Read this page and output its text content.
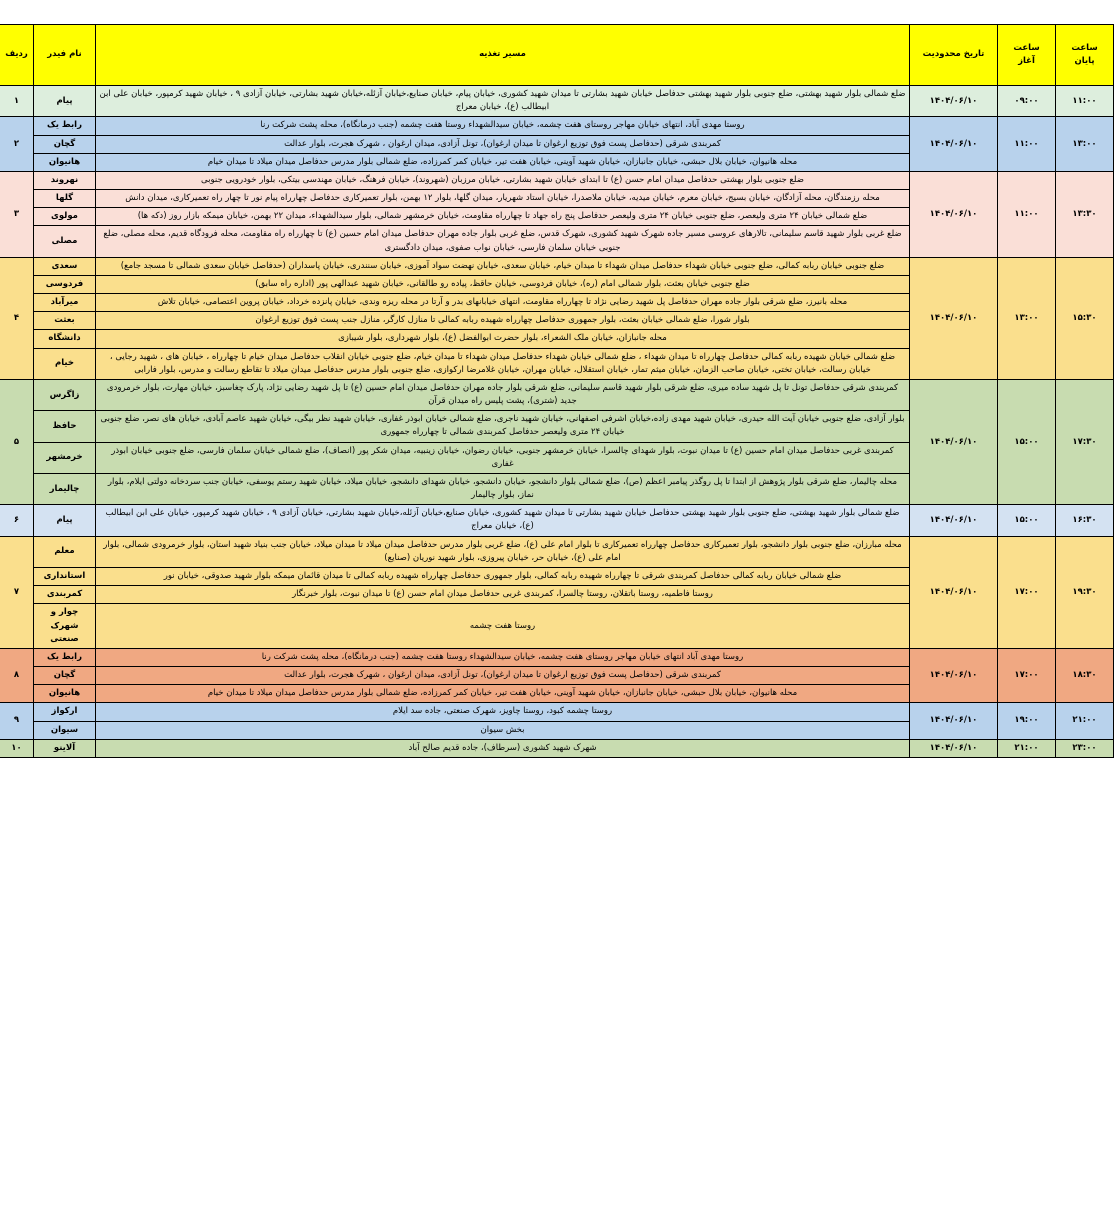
ساعت
پایان	ساعت
آغاز	تاریخ محدودیت	مسیر تغذیه	نام فیدر	ردیف
۱۱:۰۰	۰۹:۰۰	۱۴۰۴/۰۶/۱۰	ضلع شمالی بلوار شهید بهشتی، ضلع جنوبی بلوار شهید بهشتی حدفاصل خیابان شهید بشارتی تا میدان شهید کشوری، خیابان پیام، خیابان صنایع،خیابان آزئله،خیابان شهید بشارتی، خیابان آزادی ۹ ، خیابان شهید کرمپور، خیابان علی ابن ابیطالب (ع)، خیابان معراج	پیام	۱
۱۳:۰۰	۱۱:۰۰	۱۴۰۴/۰۶/۱۰	روستا مهدی آباد، انتهای خیابان مهاجر روستای هفت چشمه، خیابان سیدالشهداء روستا هفت چشمه (جنب درمانگاه)، محله پشت شرکت رنا	رابط یک	۲
			کمربندی شرقی (حدفاصل پست فوق توزیع ارغوان تا میدان ارغوان)، تونل آزادی، میدان ارغوان ، شهرک هجرت، بلوار عدالت	گچان	
			محله هانیوان، خیابان بلال حبشی، خیابان جانبازان، خیابان شهید آوینی، خیابان هفت تیر، خیابان کمر کمرزاده، ضلع شمالی بلوار مدرس حدفاصل میدان میلاد تا میدان خیام	هانیوان	
۱۳:۳۰	۱۱:۰۰	۱۴۰۴/۰۶/۱۰	ضلع جنوبی بلوار بهشتی حدفاصل میدان امام حسن (ع) تا ابتدای خیابان شهید بشارتی، خیابان مرزبان (شهروند)، خیابان فرهنگ، خیابان مهندسی بیتکی، بلوار خودرویی جنوبی	نهروند	۳
			محله رزمندگان، محله آزادگان، خیابان بسیج، خیابان معرم، خیابان میدیه، خیابان ملاصدرا، خیابان استاد شهریار، میدان گلها، بلوار ۱۲ بهمن، بلوار تعمیرکاری حدفاصل چهارراه پیام نور تا چهار راه تعمیرکاری، میدان دانش	گلها	
			ضلع شمالی خیابان ۲۴ متری ولیعصر، ضلع جنوبی خیابان ۲۴ متری ولیعصر حدفاصل پنج راه جهاد تا چهارراه مقاومت، خیابان خرمشهر شمالی، بلوار سیدالشهداء، میدان ۲۲ بهمن، خیابان میمکه بازار روز (دکه ها)	مولوی	
			ضلع غربی بلوار شهید قاسم سلیمانی، تالارهای عروسی مسیر جاده شهرک شهید کشوری، شهرک قدس، ضلع غربی بلوار جاده مهران حدفاصل میدان امام حسین (ع) تا چهارراه راه مقاومت، محله فرودگاه قدیم، محله مصلی، ضلع جنوبی خیابان سلمان فارسی، خیابان نواب صفوی، میدان دادگستری	مصلی	
۱۵:۳۰	۱۳:۰۰	۱۴۰۴/۰۶/۱۰	ضلع جنوبی خیابان ربابه کمالی، ضلع جنوبی خیابان شهداء حدفاصل میدان شهداء تا میدان خیام، خیابان سعدی، خیابان نهضت سواد آموزی، خیابان سنندری، خیابان پاسداران (حدفاصل خیابان سعدی شمالی تا مسجد جامع)	سعدی	۴
			ضلع جنوبی خیابان بعثت، بلوار شمالی امام (ره)، خیابان فردوسی، خیابان حاقظ، پیاده رو طالقانی، خیابان شهید عبدالهی پور (اداره راه سابق)	فردوسی	
			محله بانیرز، ضلع شرقی بلوار جاده مهران حدفاصل پل شهید رضایی نژاد تا چهارراه مقاومت، انتهای خیابانهای بدر و آرتا در محله ریزه وندی، خیابان پانزده خرداد، خیابان پروین اعتصامی، خیابان تلاش	میرآباد	
			بلوار شورا، ضلع شمالی خیابان بعثت، بلوار جمهوری حدفاصل چهارراه شهیده ربابه کمالی تا منازل کارگر، منازل جنب پست فوق توزیع ارغوان	بعثت	
			محله جانبازان، خیابان ملک الشعراء، بلوار حضرت ابوالفضل (ع)، بلوار شهرداری، بلوار شیبازی	دانشگاه	
			ضلع شمالی خیابان شهیده ربابه کمالی حدفاصل چهارراه تا میدان شهداء ، ضلع شمالی خیابان شهداء حدفاصل میدان شهداء تا میدان خیام، ضلع جنوبی خیابان انقلاب حدفاصل میدان خیام تا چهارراه ، خیابان های ، شهید رجایی ، خیابان رسالت، خیابان تختی، خیابان صاحب الزمان، خیابان میثم تمار، خیابان استقلال، خیابان مهران، خیابان غلامرضا ارکوازی، ضلع جنوبی بلوار مدرس حدفاصل میدان میلاد تا تقاطع رسالت و مدرس، بلوار فارابی	خیام	
۱۷:۳۰	۱۵:۰۰	۱۴۰۴/۰۶/۱۰	کمربندی شرقی حدفاصل تونل تا پل شهید ساده میری، ضلع شرقی بلوار شهید قاسم سلیمانی، ضلع شرقی بلوار جاده مهران حدفاصل میدان امام حسین (ع) تا پل شهید رضایی نژاد، پارک چغاسبز، خیابان مهارت، بلوار خرمرودی جدید (شتری)، پشت پلیس راه میدان قرآن	زاگرس	۵
			بلوار آزادی، ضلع جنوبی خیابان آیت الله حیدری، خیابان شهید مهدی زاده،خیابان اشرفی اصفهانی، خیابان شهید ناجری، ضلع شمالی خیابان ابوذر غفاری، خیابان شهید نظر بیگی، خیابان شهید عاصم آبادی، خیابان های نصر، ضلع جنوبی خیابان ۲۴ متری ولیعصر حدفاصل کمربندی شمالی تا چهارراه جمهوری	حافظ	
			کمربندی غربی حدفاصل میدان امام حسین (ع) تا میدان نبوت، بلوار شهدای چالسرا، خیابان خرمشهر جنوبی، خیابان رضوان، خیابان زینبیه، میدان شکر پور (انصاف)، ضلع شمالی خیابان سلمان فارسی، ضلع جنوبی خیابان ابوذر غفاری	خرمشهر	
			محله چالیمار، ضلع شرقی بلوار پژوهش از ابتدا تا پل روگذر پیامبر اعظم (ص)، ضلع شمالی بلوار دانشجو، خیابان دانشجو، خیابان شهدای دانشجو، خیابان میلاد، خیابان شهید رستم یوسفی، خیابان جنب سردخانه دولتی ایلام، بلوار نماز، بلوار چالیمار	چالیمار	
۱۶:۳۰	۱۵:۰۰	۱۴۰۴/۰۶/۱۰	ضلع شمالی بلوار شهید بهشتی، ضلع جنوبی بلوار شهید بهشتی حدفاصل خیابان شهید بشارتی تا میدان شهید کشوری، خیابان صنایع،خیابان آزئله،خیابان شهید بشارتی، خیابان آزادی ۹ ، خیابان شهید کرمپور، خیابان علی ابن ابیطالب (ع)، خیابان معراج	پیام	۶
۱۹:۳۰	۱۷:۰۰	۱۴۰۴/۰۶/۱۰	محله مبارزان، ضلع جنوبی بلوار دانشجو، بلوار تعمیرکاری حدفاصل چهارراه تعمیرکاری تا بلوار امام علی (ع)، ضلع غربی بلوار مدرس حدفاصل میدان میلاد تا میدان میلاد، خیابان جنب بنیاد شهید استان، بلوار خرمرودی شمالی، بلوار امام علی (ع)، خیابان حر، خیابان پیروزی، بلوار شهید نوریان (صنایع)	معلم	۷
			ضلع شمالی خیابان ربابه کمالی حدفاصل کمربندی شرقی تا چهارراه شهیده ربابه کمالی، بلوار جمهوری حدفاصل چهارراه شهیده ربابه کمالی تا میدان قائمان میمکه بلوار شهید صدوقی، خیابان نور	استانداری	
			روستا فاطمیه، روستا باتقلان، روستا چالسرا، کمربندی غربی حدفاصل میدان امام حسن (ع) تا میدان نبوت، بلوار خبرنگار	کمربندی	
			روستا هفت چشمه	چوار و شهرک صنعتی	
۱۸:۳۰	۱۷:۰۰	۱۴۰۴/۰۶/۱۰	روستا مهدی آباد انتهای خیابان مهاجر روستای هفت چشمه، خیابان سیدالشهداء روستا هفت چشمه (جنب درمانگاه)، محله پشت شرکت رنا	رابط یک	۸
			کمربندی شرقی (حدفاصل پست فوق توزیع ارغوان تا میدان ارغوان)، تونل آزادی، میدان ارغوان ، شهرک هجرت، بلوار عدالت	گچان	
			محله هانیوان، خیابان بلال حبشی، خیابان جانبازان، خیابان شهید آوینی، خیابان هفت تیر، خیابان کمر کمرزاده، ضلع شمالی بلوار مدرس حدفاصل میدان میلاد تا میدان خیام	هانیوان	
۲۱:۰۰	۱۹:۰۰	۱۴۰۴/۰۶/۱۰	روستا چشمه کبود، روستا چاویز، شهرک صنعتی، جاده سد ایلام	ارکواز	۹
			بخش سیوان	سیوان	
۲۳:۰۰	۲۱:۰۰	۱۴۰۴/۰۶/۱۰	شهرک شهید کشوری (سرطاف)، جاده قدیم صالح آباد	آلاینو	۱۰
